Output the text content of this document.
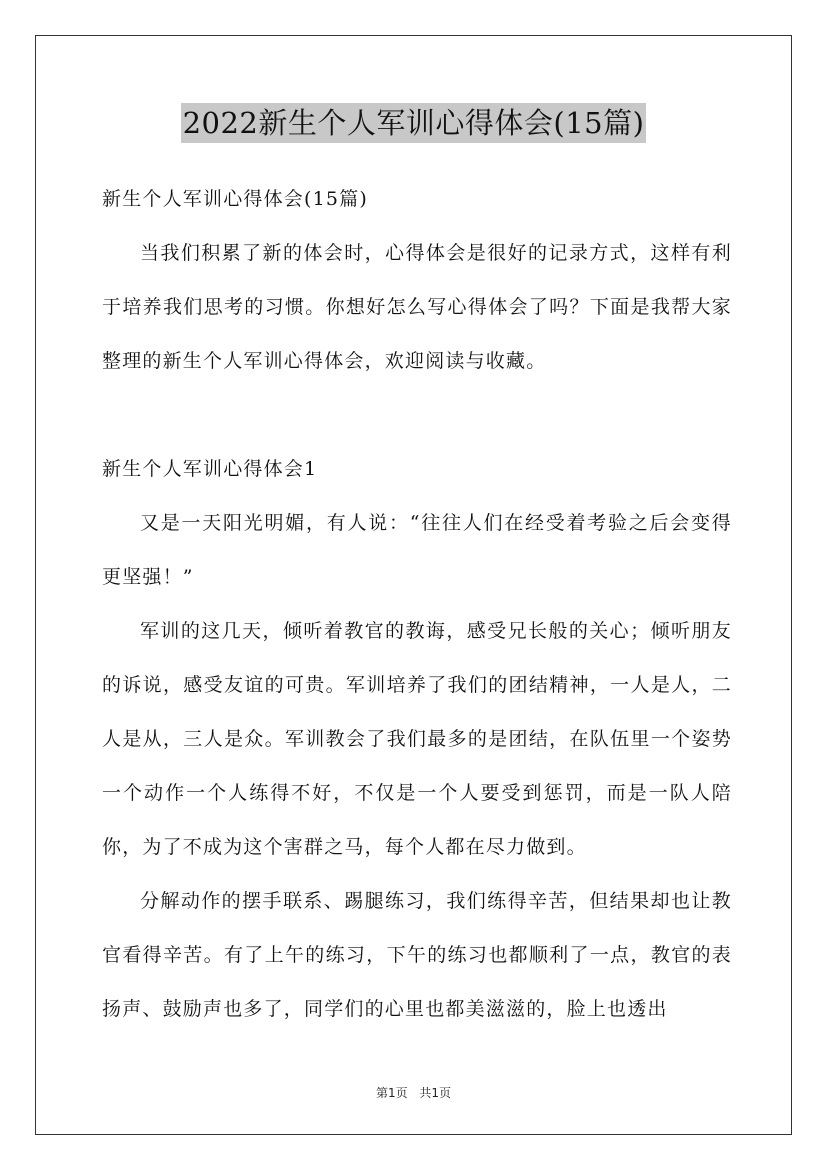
2022新生个人军训心得体会(15篇)

新生个人军训心得体会(15篇)

当我们积累了新的体会时，心得体会是很好的记录方式，这样有利于培养我们思考的习惯。你想好怎么写心得体会了吗？下面是我帮大家整理的新生个人军训心得体会，欢迎阅读与收藏。

新生个人军训心得体会1

又是一天阳光明媚，有人说：“往往人们在经受着考验之后会变得更坚强！”

军训的这几天，倾听着教官的教诲，感受兄长般的关心；倾听朋友的诉说，感受友谊的可贵。军训培养了我们的团结精神，一人是人，二人是从，三人是众。军训教会了我们最多的是团结，在队伍里一个姿势一个动作一个人练得不好，不仅是一个人要受到惩罚，而是一队人陪你，为了不成为这个害群之马，每个人都在尽力做到。

分解动作的摆手联系、踢腿练习，我们练得辛苦，但结果却也让教官看得辛苦。有了上午的练习，下午的练习也都顺利了一点，教官的表扬声、鼓励声也多了，同学们的心里也都美滋滋的，脸上也透出

第1页 共1页
